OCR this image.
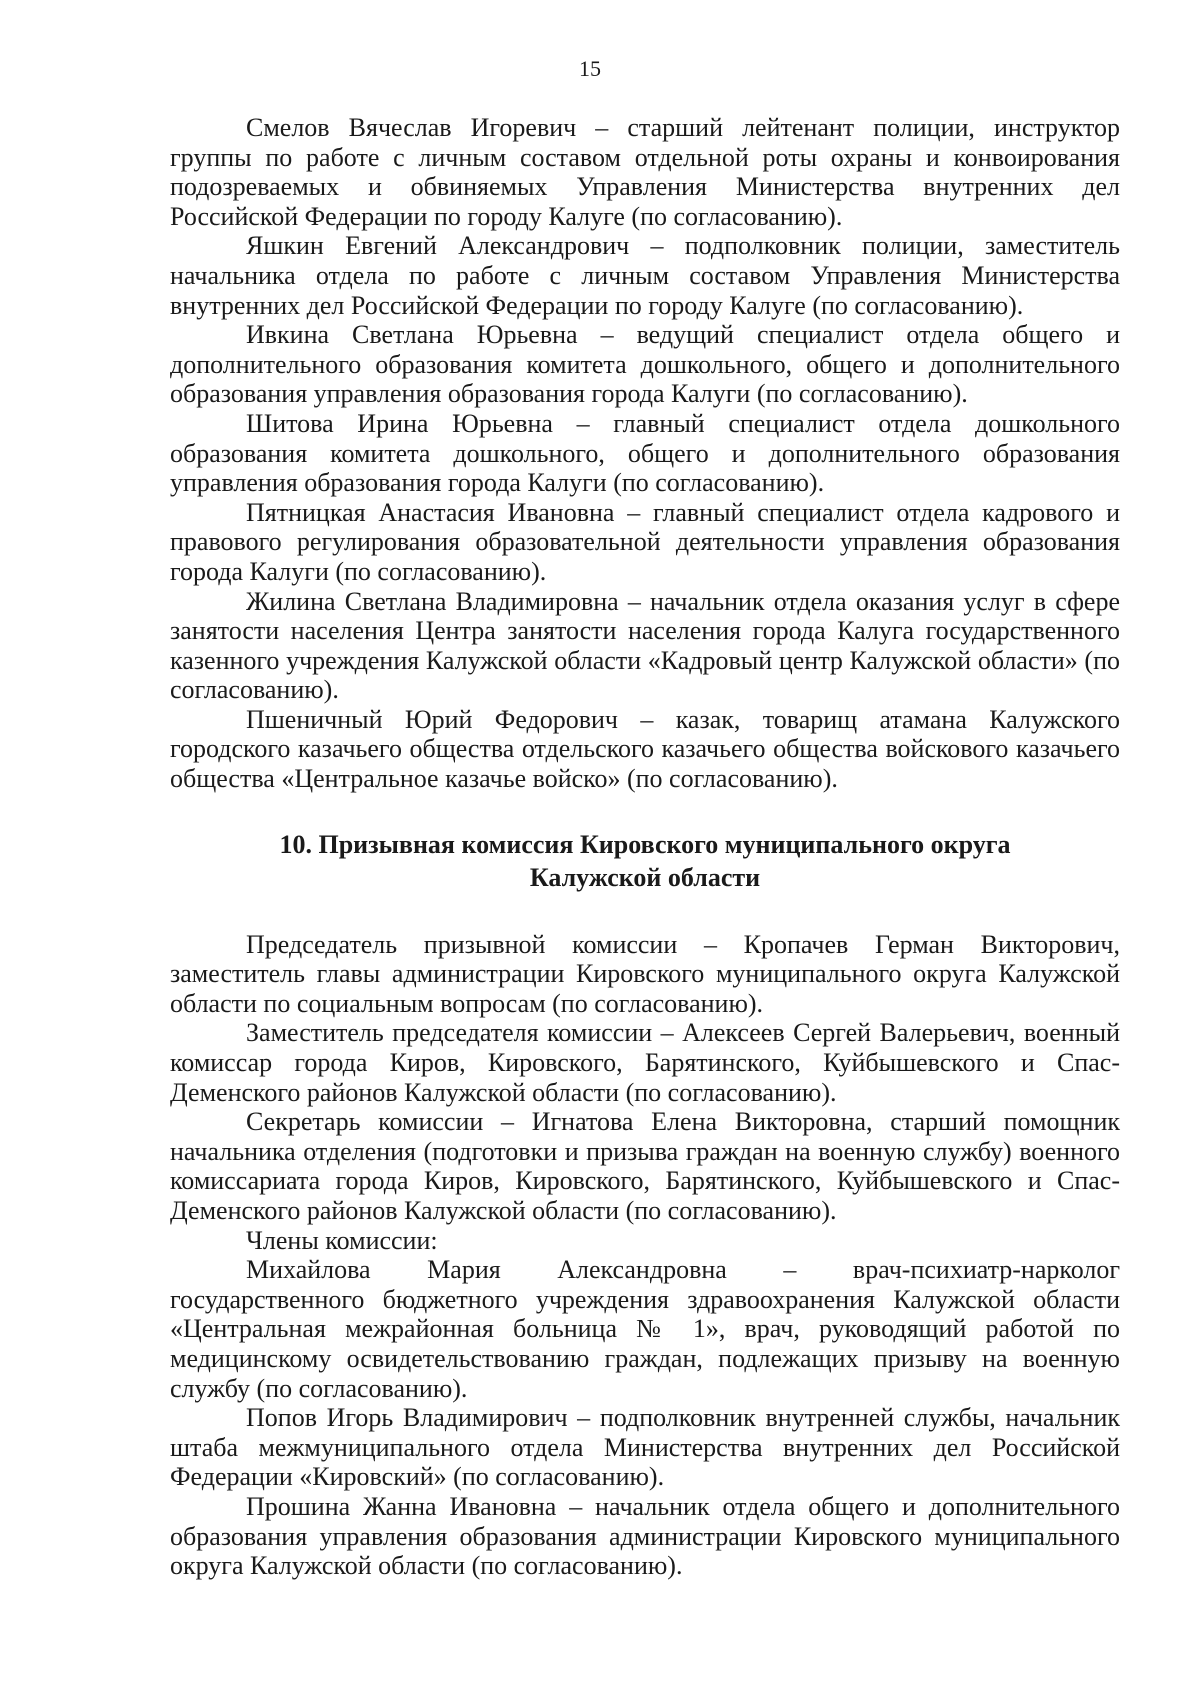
15

Смелов Вячеслав Игоревич – старший лейтенант полиции, инструктор группы по работе с личным составом отдельной роты охраны и конвоирования подозреваемых и обвиняемых Управления Министерства внутренних дел Российской Федерации по городу Калуге (по согласованию).

Яшкин Евгений Александрович – подполковник полиции, заместитель начальника отдела по работе с личным составом Управления Министерства внутренних дел Российской Федерации по городу Калуге (по согласованию).

Ивкина Светлана Юрьевна – ведущий специалист отдела общего и дополнительного образования комитета дошкольного, общего и дополнительного образования управления образования города Калуги (по согласованию).

Шитова Ирина Юрьевна – главный специалист отдела дошкольного образования комитета дошкольного, общего и дополнительного образования управления образования города Калуги (по согласованию).

Пятницкая Анастасия Ивановна – главный специалист отдела кадрового и правового регулирования образовательной деятельности управления образования города Калуги (по согласованию).

Жилина Светлана Владимировна – начальник отдела оказания услуг в сфере занятости населения Центра занятости населения города Калуга государственного казенного учреждения Калужской области «Кадровый центр Калужской области» (по согласованию).

Пшеничный Юрий Федорович – казак, товарищ атамана Калужского городского казачьего общества отдельского казачьего общества войскового казачьего общества «Центральное казачье войско» (по согласованию).

10. Призывная комиссия Кировского муниципального округа
Калужской области

Председатель призывной комиссии – Кропачев Герман Викторович, заместитель главы администрации Кировского муниципального округа Калужской области по социальным вопросам (по согласованию).

Заместитель председателя комиссии – Алексеев Сергей Валерьевич, военный комиссар города Киров, Кировского, Барятинского, Куйбышевского и Спас-Деменского районов Калужской области (по согласованию).

Секретарь комиссии – Игнатова Елена Викторовна, старший помощник начальника отделения (подготовки и призыва граждан на военную службу) военного комиссариата города Киров, Кировского, Барятинского, Куйбышевского и Спас-Деменского районов Калужской области (по согласованию).

Члены комиссии:

Михайлова Мария Александровна – врач-психиатр-нарколог государственного бюджетного учреждения здравоохранения Калужской области «Центральная межрайонная больница № 1», врач, руководящий работой по медицинскому освидетельствованию граждан, подлежащих призыву на военную службу (по согласованию).

Попов Игорь Владимирович – подполковник внутренней службы, начальник штаба межмуниципального отдела Министерства внутренних дел Российской Федерации «Кировский» (по согласованию).

Прошина Жанна Ивановна – начальник отдела общего и дополнительного образования управления образования администрации Кировского муниципального округа Калужской области (по согласованию).
